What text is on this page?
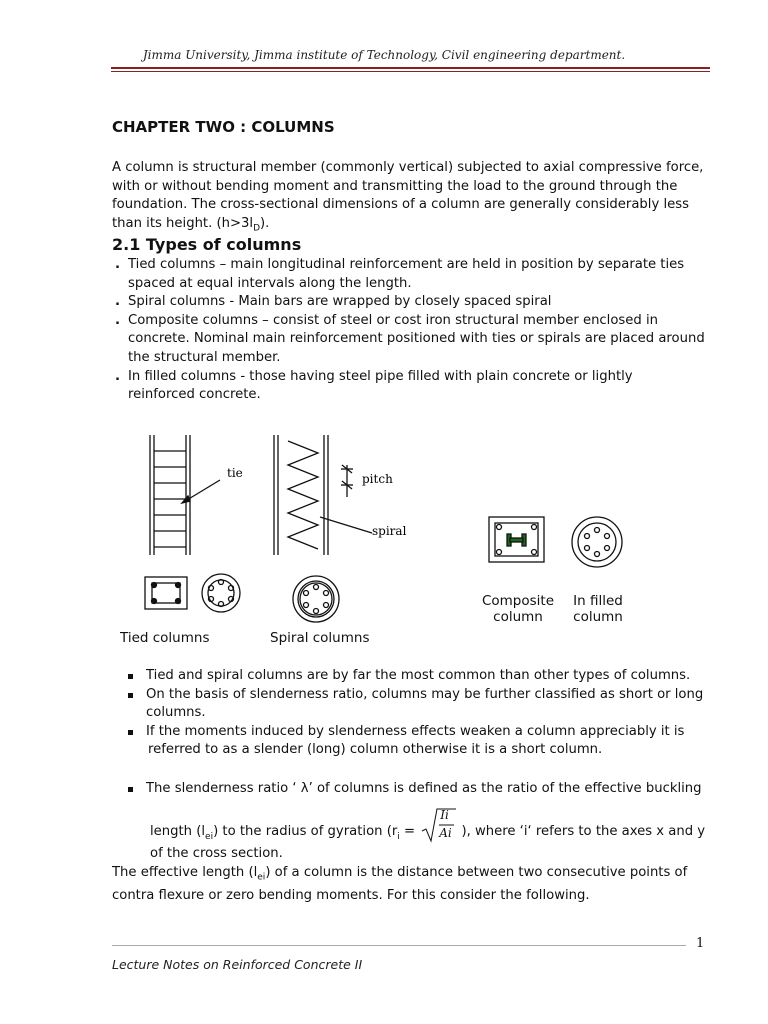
Jimma University, Jimma institute of Technology, Civil engineering department.
CHAPTER TWO : COLUMNS
A column is structural member (commonly vertical) subjected to axial compressive force,
with or without bending moment and transmitting the load to the ground through the
foundation. The cross-sectional dimensions of a column are generally considerably less
than its height. $(h>3l_D)$.
2.1 Types of columns
. Tied columns – main longitudinal reinforcement are held in position by separate ties
spaced at equal intervals along the length.
. Spiral columns - Main bars are wrapped by closely spaced spiral
. Composite columns – consist of steel or cost iron structural member enclosed in
concrete. Nominal main reinforcement positioned with ties or spirals are placed around
the structural member.
. In filled columns - those having steel pipe filled with plain concrete or lightly
reinforced concrete.
tie	pitch
spiral
Tied columns	Spiral columns
Composite
column
In filled
column
Tied and spiral columns are by far the most common than other types of columns.
On the basis of slenderness ratio, columns may be further classified as short or long
columns.
If the moments induced by slenderness effects weaken a column appreciably it is
referred to as a slender (long) column otherwise it is a short column.
The slenderness ratio ‘ λ’ of columns is defined as the ratio of the effective buckling
length $(l_{ei})$ to the radius of gyration ($r_i$ =
Ii
Ai ), where ‘i‘ refers to the axes x and y
of the cross section.
The effective length $(l_{ei})$ of a column is the distance between two consecutive points of
contra flexure or zero bending moments. For this consider the following.
1
Lecture Notes on Reinforced Concrete II
